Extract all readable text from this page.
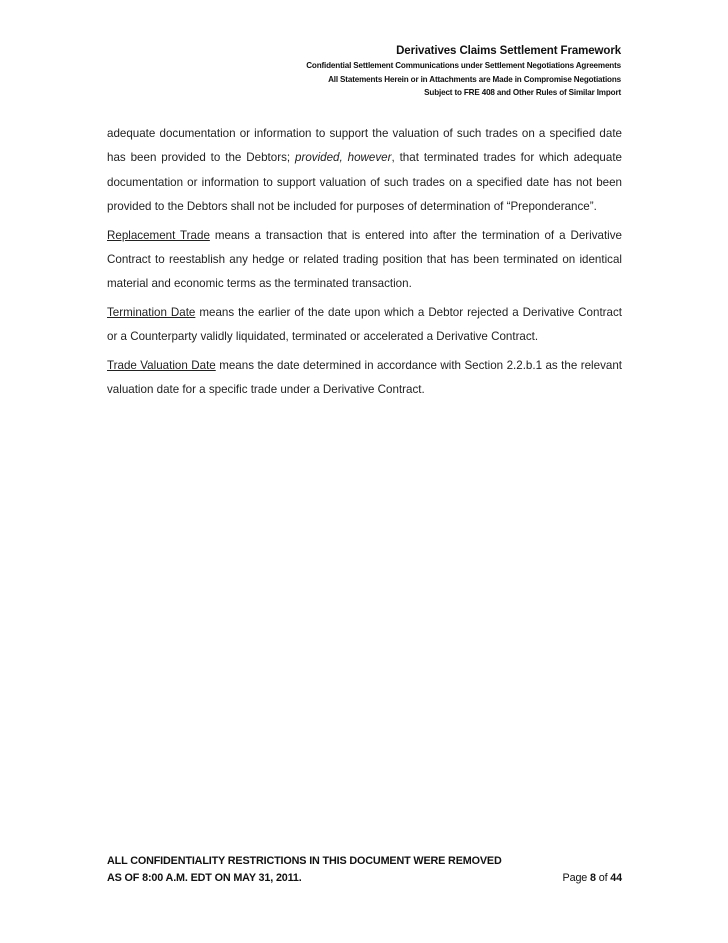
Derivatives Claims Settlement Framework
Confidential Settlement Communications under Settlement Negotiations Agreements
All Statements Herein or in Attachments are Made in Compromise Negotiations
Subject to FRE 408 and Other Rules of Similar Import

adequate documentation or information to support the valuation of such trades on a specified date has been provided to the Debtors; provided, however, that terminated trades for which adequate documentation or information to support valuation of such trades on a specified date has not been provided to the Debtors shall not be included for purposes of determination of “Preponderance”.

Replacement Trade means a transaction that is entered into after the termination of a Derivative Contract to reestablish any hedge or related trading position that has been terminated on identical material and economic terms as the terminated transaction.

Termination Date means the earlier of the date upon which a Debtor rejected a Derivative Contract or a Counterparty validly liquidated, terminated or accelerated a Derivative Contract.

Trade Valuation Date means the date determined in accordance with Section 2.2.b.1 as the relevant valuation date for a specific trade under a Derivative Contract.

ALL CONFIDENTIALITY RESTRICTIONS IN THIS DOCUMENT WERE REMOVED
AS OF 8:00 A.M. EDT ON MAY 31, 2011.	Page 8 of 44
